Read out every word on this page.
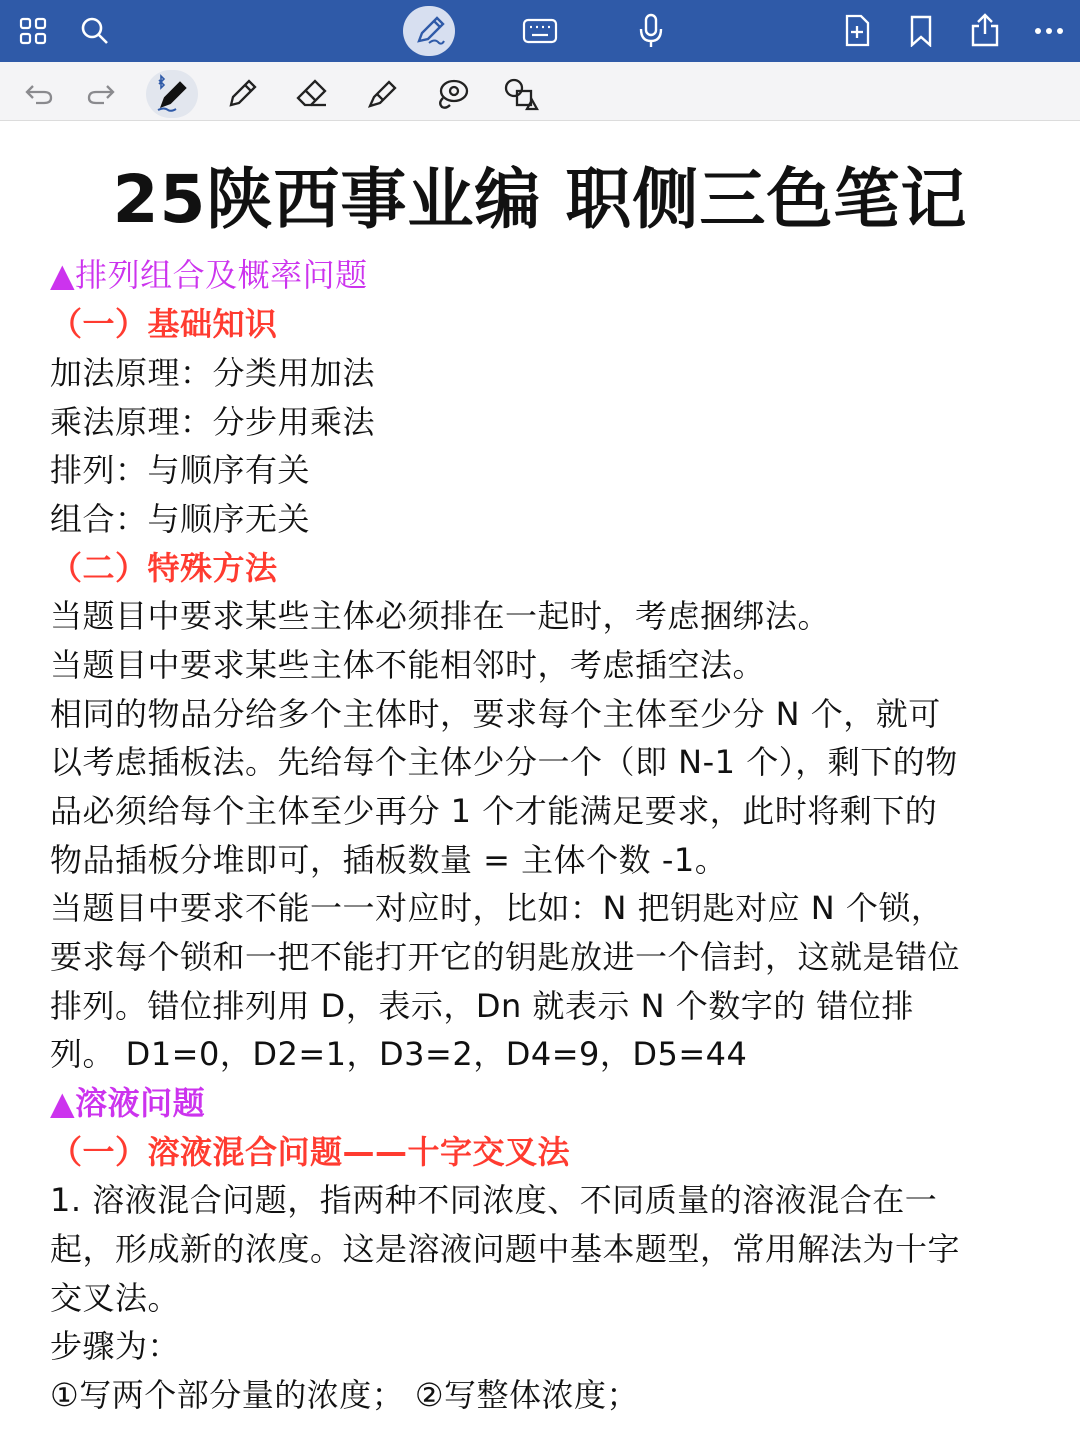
25陕西事业编 职侧三色笔记
▲排列组合及概率问题
（一）基础知识
加法原理：分类用加法
乘法原理：分步用乘法
排列：与顺序有关
组合：与顺序无关
（二）特殊方法
当题目中要求某些主体必须排在一起时，考虑捆绑法。
当题目中要求某些主体不能相邻时，考虑插空法。
相同的物品分给多个主体时，要求每个主体至少分 N 个，就可
以考虑插板法。先给每个主体少分一个（即 N-1 个），剩下的物
品必须给每个主体至少再分 1 个才能满足要求，此时将剩下的
物品插板分堆即可，插板数量 = 主体个数 -1。
当题目中要求不能一一对应时，比如：N 把钥匙对应 N 个锁，
要求每个锁和一把不能打开它的钥匙放进一个信封，这就是错位
排列。错位排列用 D，表示，Dn 就表示 N 个数字的 错位排
列。 D1=0，D2=1，D3=2，D4=9，D5=44
▲溶液问题
（一）溶液混合问题——十字交叉法
1. 溶液混合问题，指两种不同浓度、不同质量的溶液混合在一
起，形成新的浓度。这是溶液问题中基本题型，常用解法为十字
交叉法。
步骤为：
①写两个部分量的浓度； ②写整体浓度；
